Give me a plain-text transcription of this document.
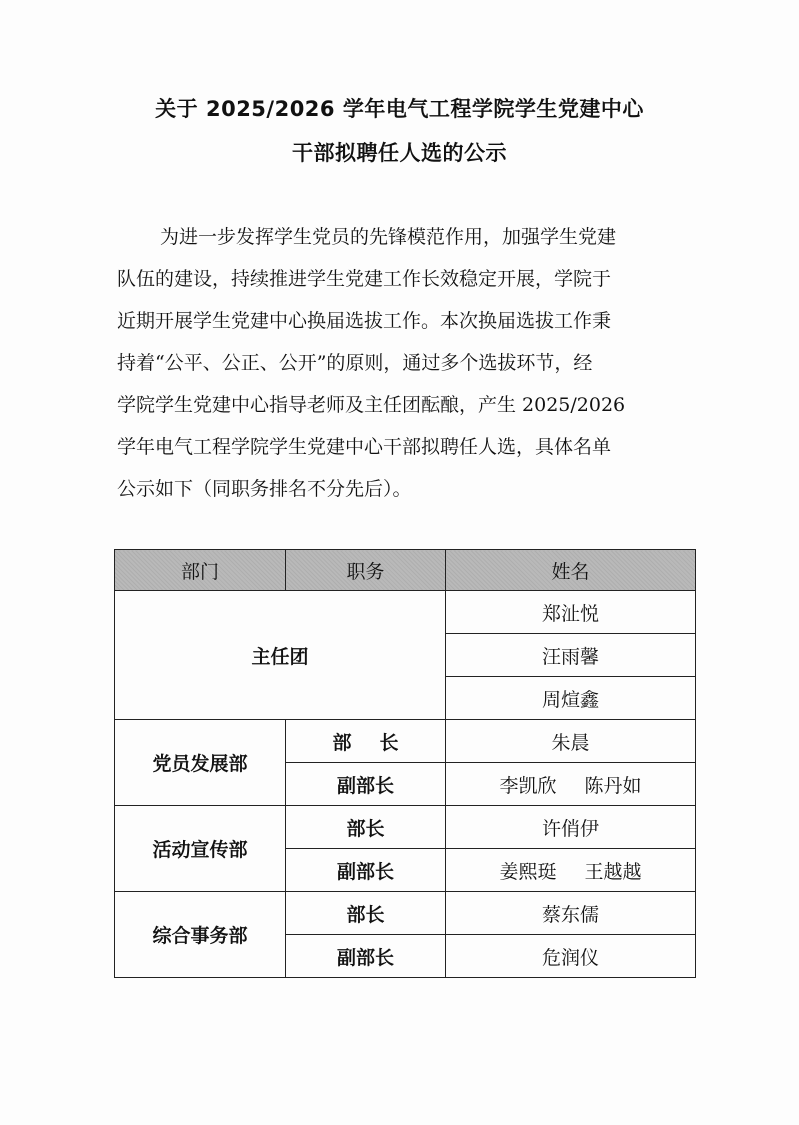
关于 2025/2026 学年电气工程学院学生党建中心
干部拟聘任人选的公示
为进一步发挥学生党员的先锋模范作用，加强学生党建
队伍的建设，持续推进学生党建工作长效稳定开展，学院于
近期开展学生党建中心换届选拔工作。本次换届选拔工作秉
持着“公平、公正、公开”的原则，通过多个选拔环节，经
学院学生党建中心指导老师及主任团酝酿，产生 2025/2026
学年电气工程学院学生党建中心干部拟聘任人选，具体名单
公示如下（同职务排名不分先后）。
部门	职务	姓名
主任团		郑沚悦
		汪雨馨
		周煊鑫
党员发展部	部 长	朱晨
	副部长	李凯欣 陈丹如
活动宣传部	部长	许俏伊
	副部长	姜熙珽 王越越
综合事务部	部长	蔡东儒
	副部长	危润仪
